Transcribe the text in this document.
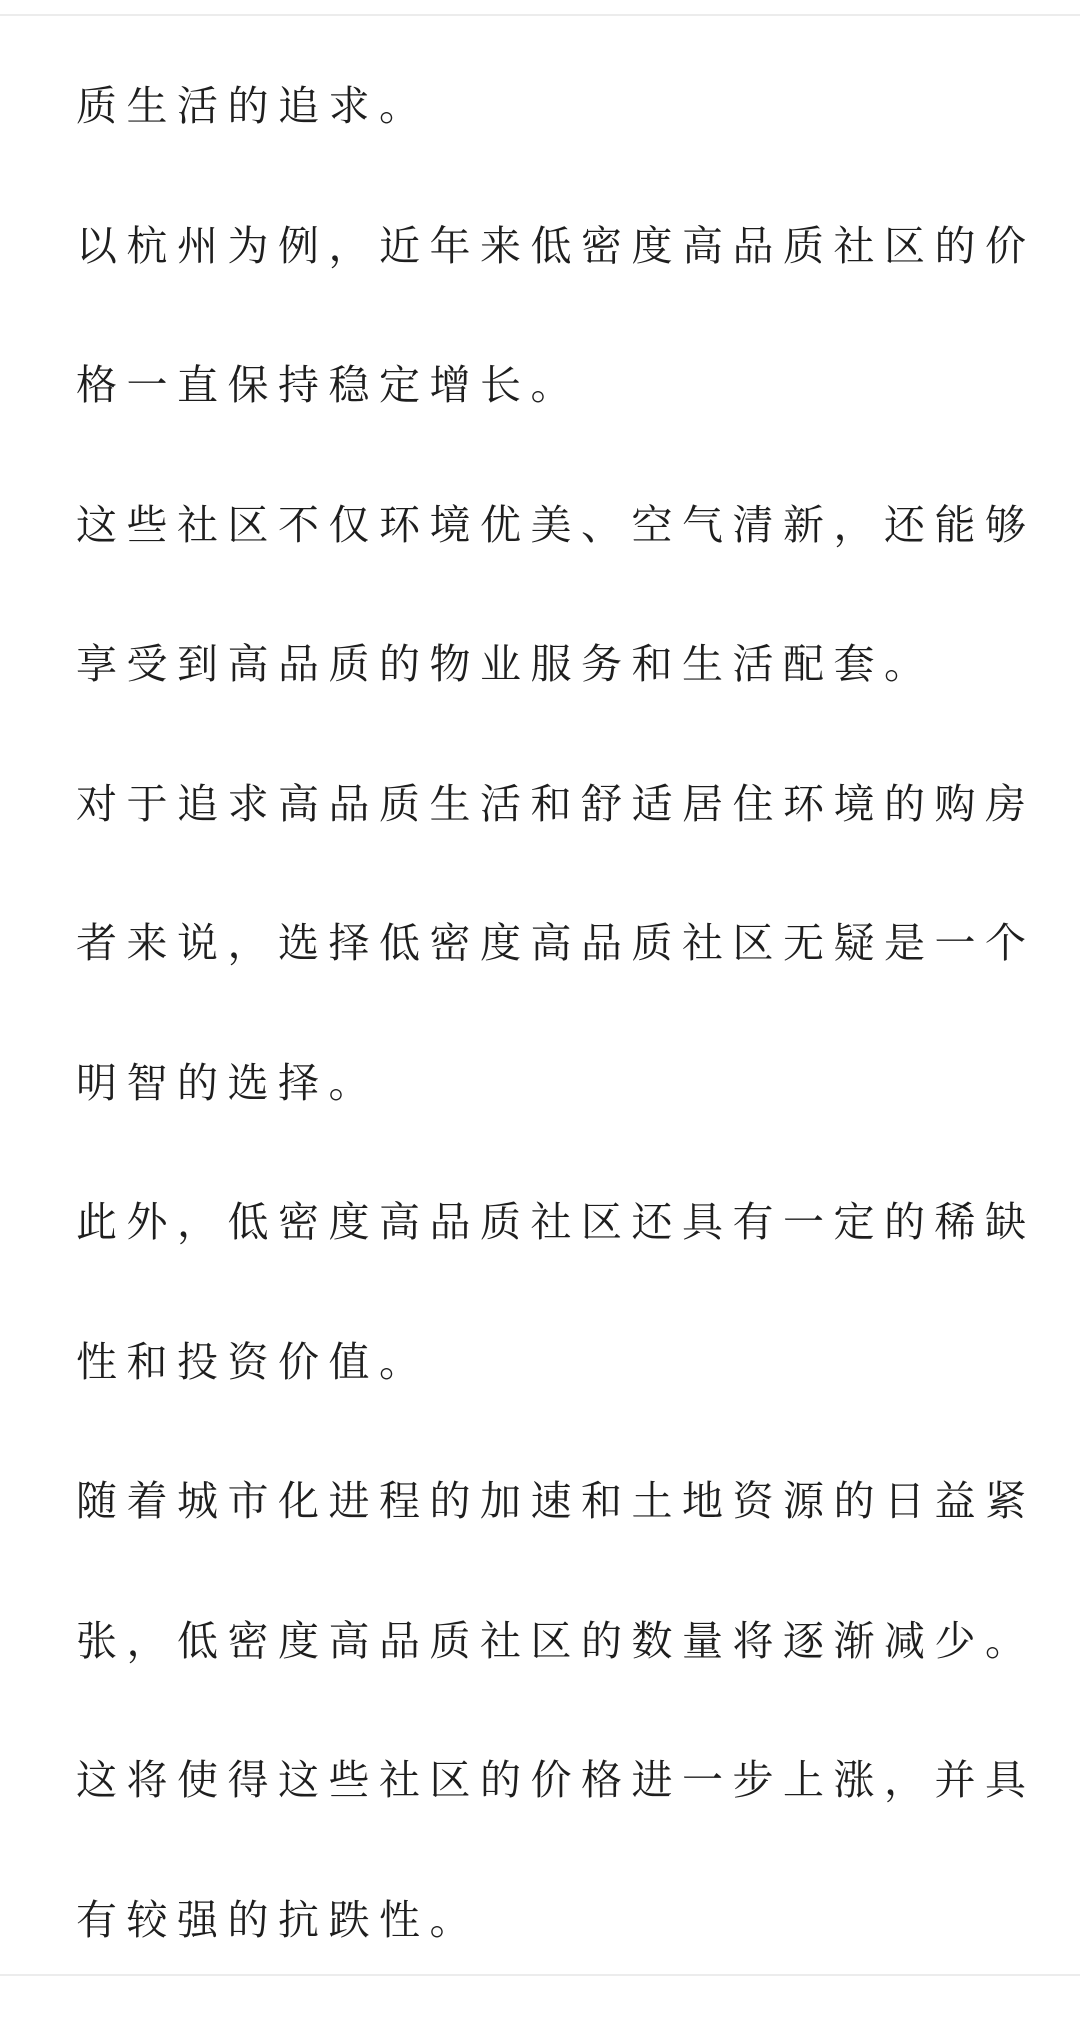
质生活的追求。
以杭州为例，近年来低密度高品质社区的价
格一直保持稳定增长。
这些社区不仅环境优美、空气清新，还能够
享受到高品质的物业服务和生活配套。
对于追求高品质生活和舒适居住环境的购房
者来说，选择低密度高品质社区无疑是一个
明智的选择。
此外，低密度高品质社区还具有一定的稀缺
性和投资价值。
随着城市化进程的加速和土地资源的日益紧
张，低密度高品质社区的数量将逐渐减少。
这将使得这些社区的价格进一步上涨，并具
有较强的抗跌性。
